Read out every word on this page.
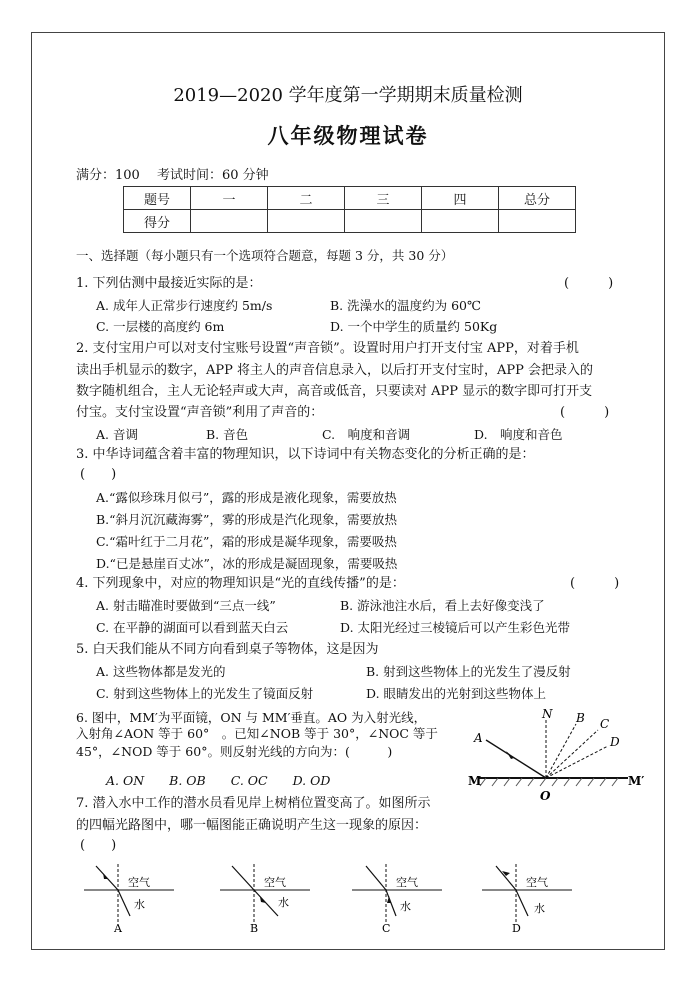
2019—2020 学年度第一学期期末质量检测
八年级物理试卷
满分：100　 考试时间：60 分钟
题号	一	二	三	四	总分
得分					
一、选择题（每小题只有一个选项符合题意，每题 3 分，共 30 分）
1. 下列估测中最接近实际的是：	(　　　)
A. 成年人正常步行速度约 5m/s	B. 洗澡水的温度约为 60℃
C. 一层楼的高度约 6m	D. 一个中学生的质量约 50Kg
2. 支付宝用户可以对支付宝账号设置“声音锁”。设置时用户打开支付宝 APP，对着手机
读出手机显示的数字，APP 将主人的声音信息录入，以后打开支付宝时，APP 会把录入的
数字随机组合，主人无论轻声或大声，高音或低音，只要读对 APP 显示的数字即可打开支
付宝。支付宝设置“声音锁”利用了声音的：	(　　　)
A. 音调	B. 音色	C.　响度和音调	D.　响度和音色
3. 中华诗词蕴含着丰富的物理知识，以下诗词中有关物态变化的分析正确的是：
(　　)
A.“露似珍珠月似弓”，露的形成是液化现象，需要放热
B.“斜月沉沉藏海雾”，雾的形成是汽化现象，需要放热
C.“霜叶红于二月花”，霜的形成是凝华现象，需要吸热
D.“已是悬崖百丈冰”，冰的形成是凝固现象，需要吸热
4. 下列现象中，对应的物理知识是“光的直线传播”的是：	(　　　)
A. 射击瞄准时要做到“三点一线”	B. 游泳池注水后，看上去好像变浅了
C. 在平静的湖面可以看到蓝天白云	D. 太阳光经过三棱镜后可以产生彩色光带
5. 白天我们能从不同方向看到桌子等物体，这是因为
A. 这些物体都是发光的	B. 射到这些物体上的光发生了漫反射
C. 射到这些物体上的光发生了镜面反射	D. 眼睛发出的光射到这些物体上
6. 图中，MM′为平面镜，ON 与 MM′垂直。AO 为入射光线，
入射角∠AON 等于 60°　。已知∠NOB 等于 30°，∠NOC 等于
45°，∠NOD 等于 60°。则反射光线的方向为：(　　　)
A. ON　　B. OB　　C. OC　　D. OD
N B C
D
A
M	M′
O
7. 潜入水中工作的潜水员看见岸上树梢位置变高了。如图所示
的四幅光路图中，哪一幅图能正确说明产生这一现象的原因：
(　　)
空气
水
A
空气
水
B
空气
水
C
空气
水
D
